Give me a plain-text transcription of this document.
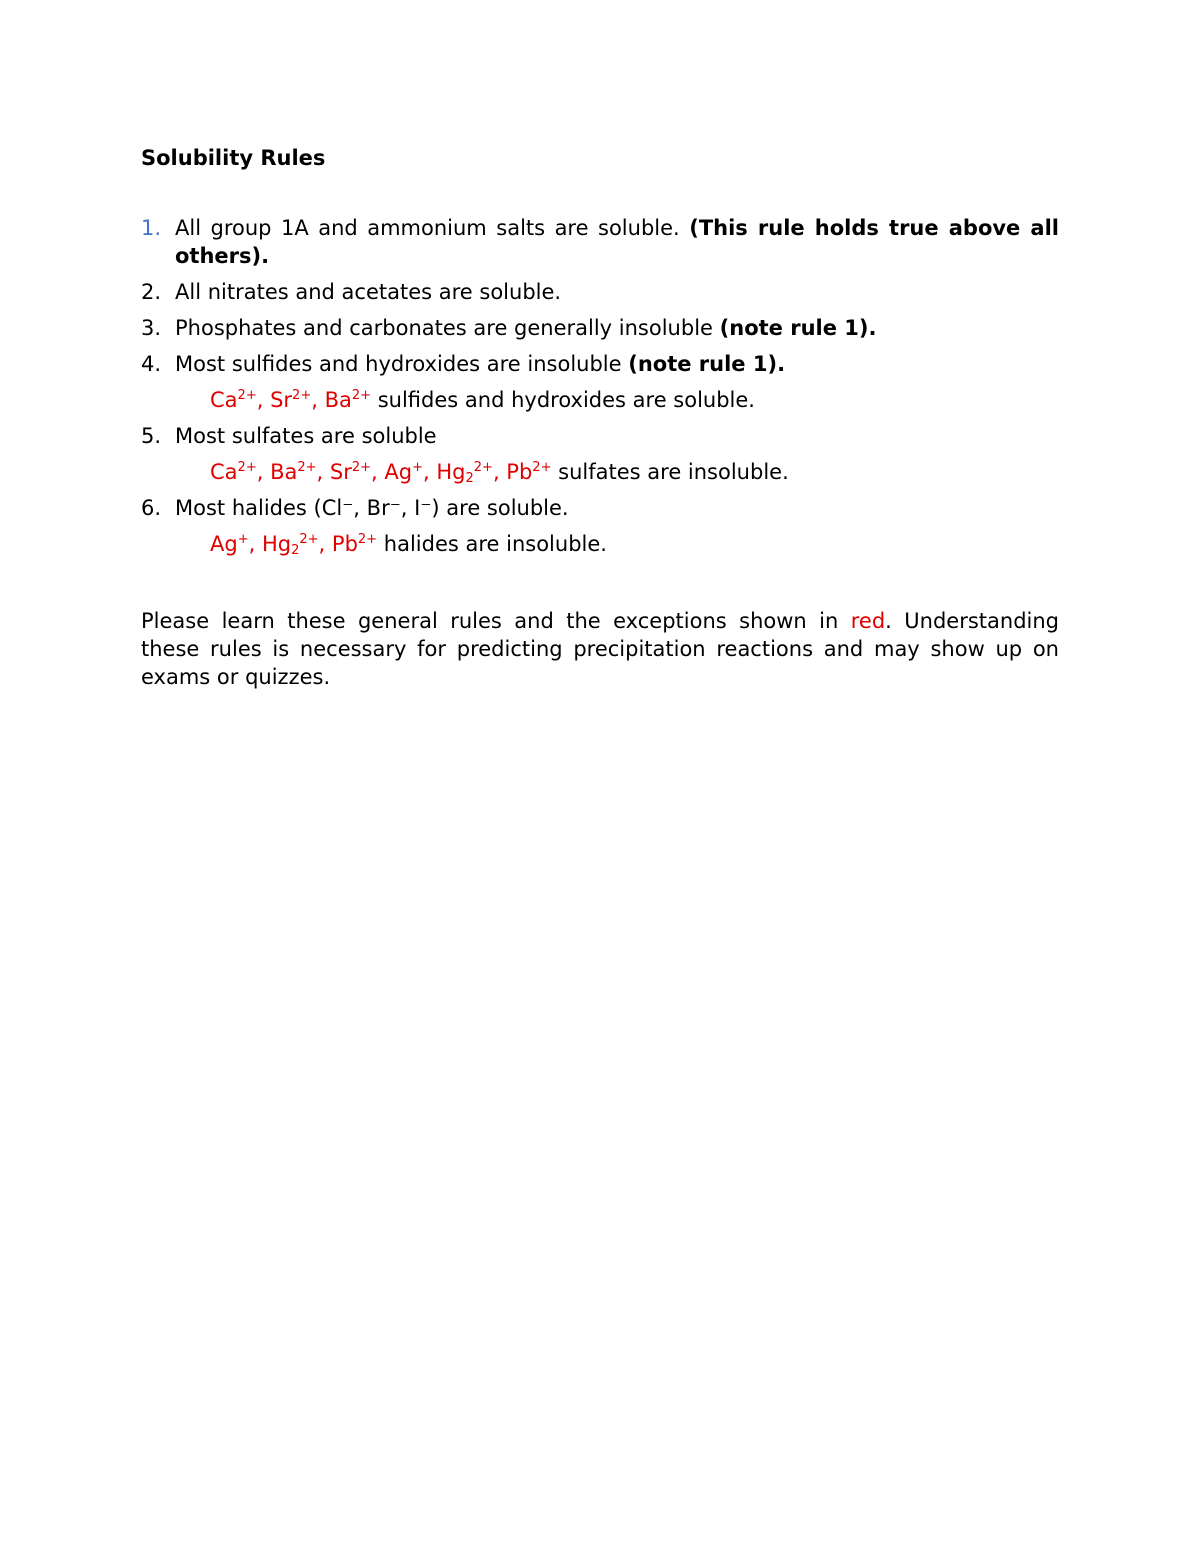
Solubility Rules
1. All group 1A and ammonium salts are soluble. (This rule holds true above all others).
2. All nitrates and acetates are soluble.
3. Phosphates and carbonates are generally insoluble (note rule 1).
4. Most sulfides and hydroxides are insoluble (note rule 1).
$Ca^{2+}$, $Sr^{2+}$, $Ba^{2+}$ sulfides and hydroxides are soluble.
5. Most sulfates are soluble
$Ca^{2+}$, $Ba^{2+}$, $Sr^{2+}$, Ag+, $Hg_2^{2+}$, $Pb^{2+}$ sulfates are insoluble.
6. Most halides (Cl⁻, Br⁻, I⁻) are soluble.
Ag+, $Hg_2^{2+}$, $Pb^{2+}$ halides are insoluble.

Please learn these general rules and the exceptions shown in red. Understanding these rules is necessary for predicting precipitation reactions and may show up on exams or quizzes.
